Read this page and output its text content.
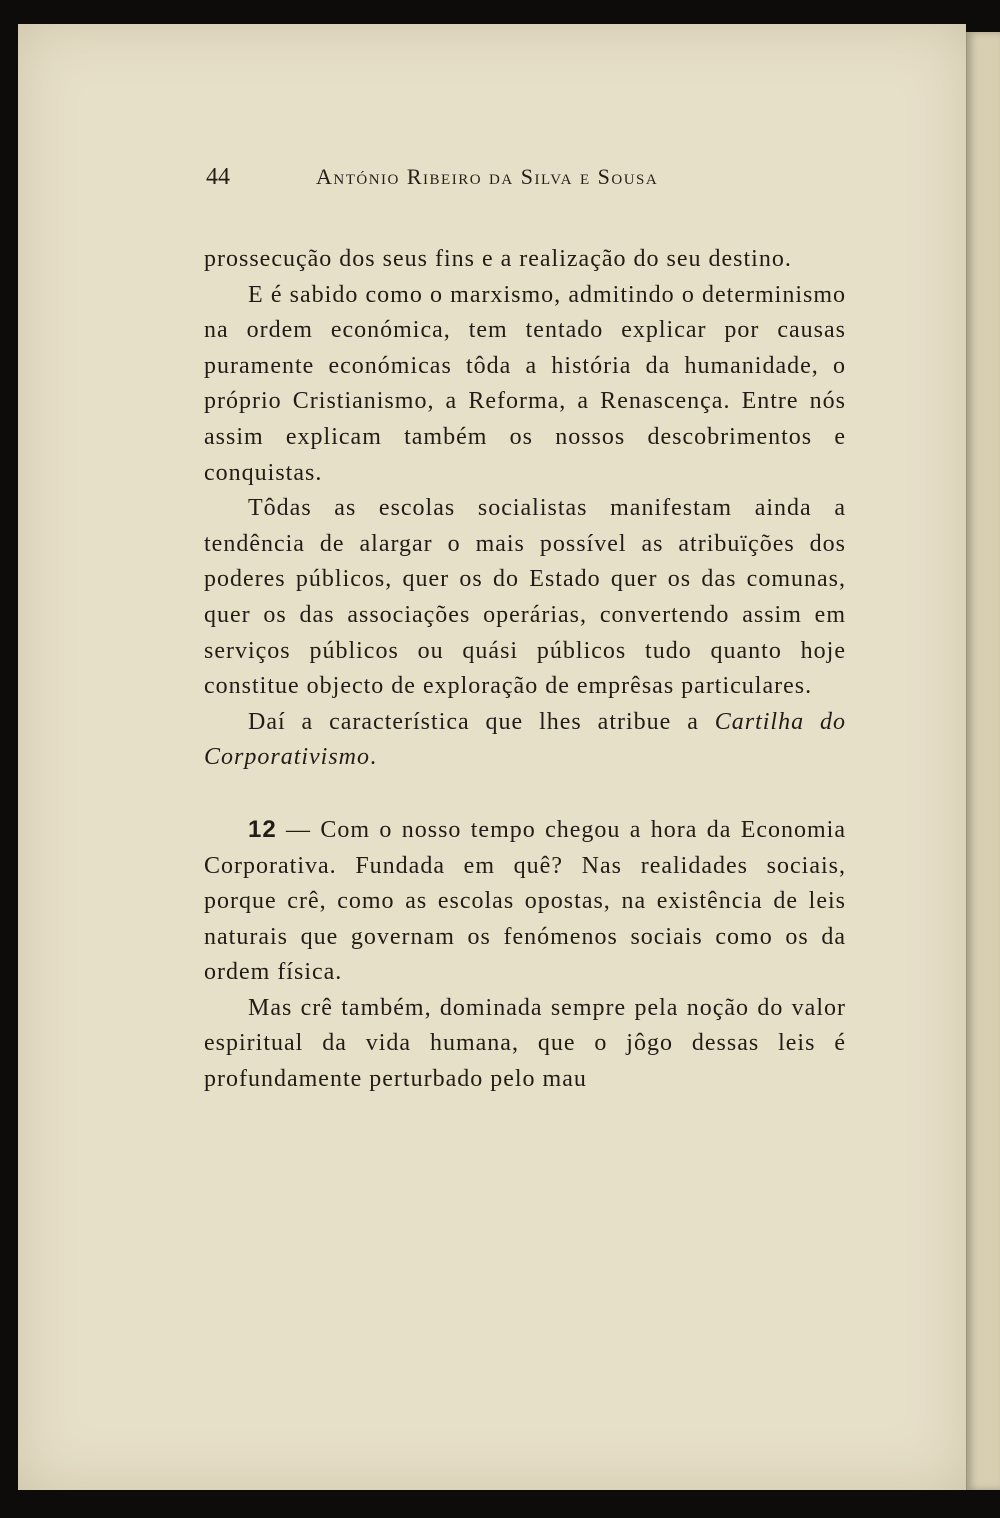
44	António Ribeiro da Silva e Sousa

prossecução dos seus fins e a realização do seu destino.

E é sabido como o marxismo, admitindo o determinismo na ordem económica, tem tentado explicar por causas puramente económicas tôda a história da humanidade, o próprio Cristianismo, a Reforma, a Renascença. Entre nós assim explicam também os nossos descobrimentos e conquistas.

Tôdas as escolas socialistas manifestam ainda a tendência de alargar o mais possível as atribuïções dos poderes públicos, quer os do Estado quer os das comunas, quer os das associações operárias, convertendo assim em serviços públicos ou quási públicos tudo quanto hoje constitue objecto de exploração de emprêsas particulares.

Daí a característica que lhes atribue a Cartilha do Corporativismo.

12 — Com o nosso tempo chegou a hora da Economia Corporativa. Fundada em quê? Nas realidades sociais, porque crê, como as escolas opostas, na existência de leis naturais que governam os fenómenos sociais como os da ordem física.

Mas crê também, dominada sempre pela noção do valor espiritual da vida humana, que o jôgo dessas leis é profundamente perturbado pelo mau
